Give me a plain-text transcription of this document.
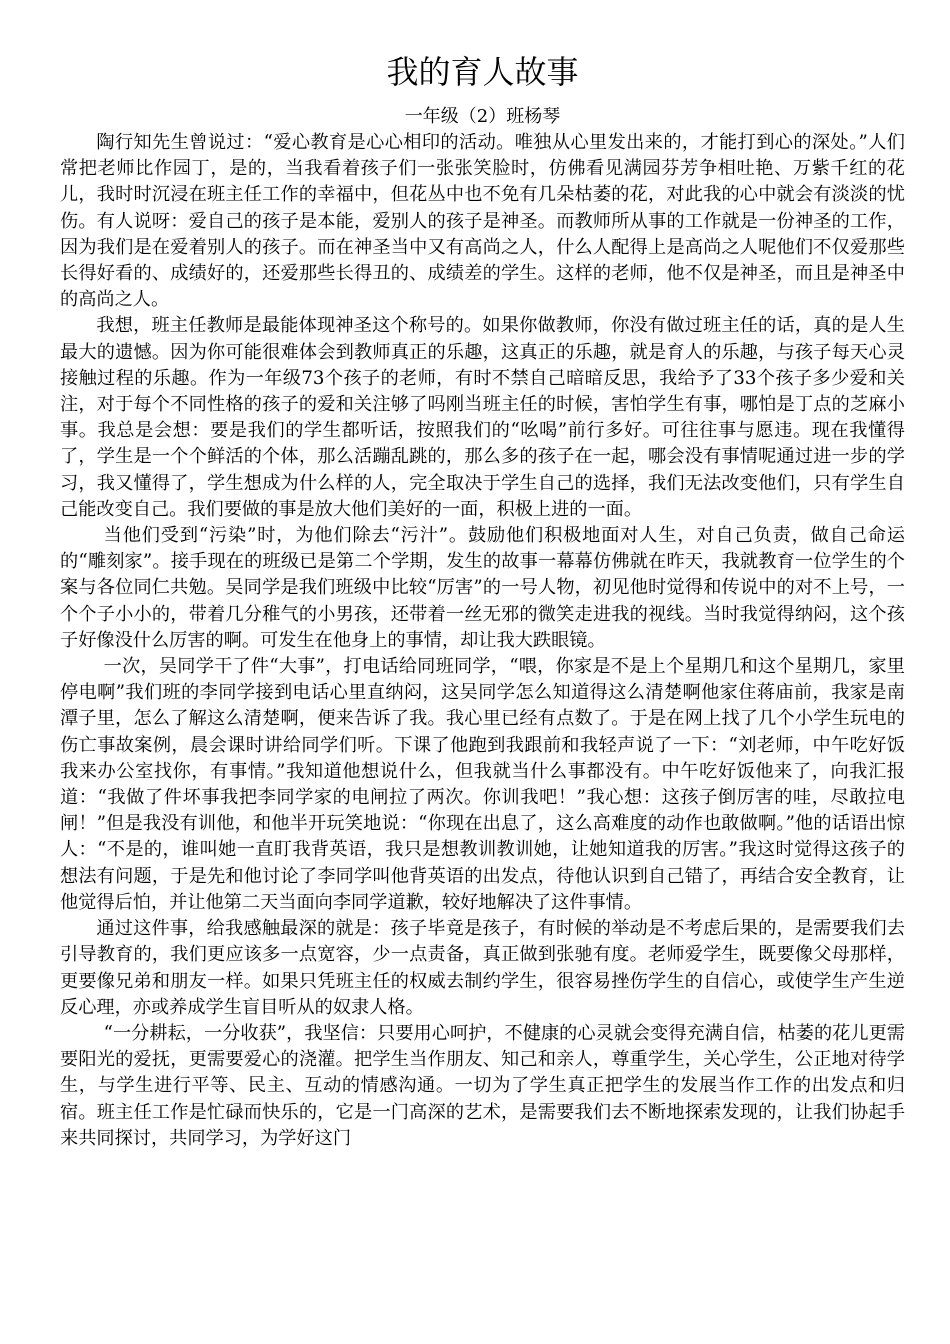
我的育人故事

一年级（2）班杨琴

陶行知先生曾说过：“爱心教育是心心相印的活动。唯独从心里发出来的，才能打到心的深处。”人们常把老师比作园丁，是的，当我看着孩子们一张张笑脸时，仿佛看见满园芬芳争相吐艳、万紫千红的花儿，我时时沉浸在班主任工作的幸福中，但花丛中也不免有几朵枯萎的花，对此我的心中就会有淡淡的忧伤。有人说呀：爱自己的孩子是本能，爱别人的孩子是神圣。而教师所从事的工作就是一份神圣的工作，因为我们是在爱着别人的孩子。而在神圣当中又有高尚之人，什么人配得上是高尚之人呢他们不仅爱那些长得好看的、成绩好的，还爱那些长得丑的、成绩差的学生。这样的老师，他不仅是神圣，而且是神圣中的高尚之人。

我想，班主任教师是最能体现神圣这个称号的。如果你做教师，你没有做过班主任的话，真的是人生最大的遗憾。因为你可能很难体会到教师真正的乐趣，这真正的乐趣，就是育人的乐趣，与孩子每天心灵接触过程的乐趣。作为一年级73个孩子的老师，有时不禁自己暗暗反思，我给予了33个孩子多少爱和关注，对于每个不同性格的孩子的爱和关注够了吗刚当班主任的时候，害怕学生有事，哪怕是丁点的芝麻小事。我总是会想：要是我们的学生都听话，按照我们的“吆喝”前行多好。可往往事与愿违。现在我懂得了，学生是一个个鲜活的个体，那么活蹦乱跳的，那么多的孩子在一起，哪会没有事情呢通过进一步的学习，我又懂得了，学生想成为什么样的人，完全取决于学生自己的选择，我们无法改变他们，只有学生自己能改变自己。我们要做的事是放大他们美好的一面，积极上进的一面。

当他们受到“污染”时，为他们除去“污汁”。鼓励他们积极地面对人生，对自己负责，做自己命运的“雕刻家”。接手现在的班级已是第二个学期，发生的故事一幕幕仿佛就在昨天，我就教育一位学生的个案与各位同仁共勉。吴同学是我们班级中比较“厉害”的一号人物，初见他时觉得和传说中的对不上号，一个个子小小的，带着几分稚气的小男孩，还带着一丝无邪的微笑走进我的视线。当时我觉得纳闷，这个孩子好像没什么厉害的啊。可发生在他身上的事情，却让我大跌眼镜。

一次，吴同学干了件“大事”，打电话给同班同学，“喂，你家是不是上个星期几和这个星期几，家里停电啊”我们班的李同学接到电话心里直纳闷，这吴同学怎么知道得这么清楚啊他家住蒋庙前，我家是南潭子里，怎么了解这么清楚啊，便来告诉了我。我心里已经有点数了。于是在网上找了几个小学生玩电的伤亡事故案例，晨会课时讲给同学们听。下课了他跑到我跟前和我轻声说了一下：“刘老师，中午吃好饭我来办公室找你，有事情。”我知道他想说什么，但我就当什么事都没有。中午吃好饭他来了，向我汇报道：“我做了件坏事我把李同学家的电闸拉了两次。你训我吧！”我心想：这孩子倒厉害的哇，尽敢拉电闸！”但是我没有训他，和他半开玩笑地说：“你现在出息了，这么高难度的动作也敢做啊。”他的话语出惊人：“不是的，谁叫她一直盯我背英语，我只是想教训教训她，让她知道我的厉害。”我这时觉得这孩子的想法有问题，于是先和他讨论了李同学叫他背英语的出发点，待他认识到自己错了，再结合安全教育，让他觉得后怕，并让他第二天当面向李同学道歉，较好地解决了这件事情。

通过这件事，给我感触最深的就是：孩子毕竟是孩子，有时候的举动是不考虑后果的，是需要我们去引导教育的，我们更应该多一点宽容，少一点责备，真正做到张驰有度。老师爱学生，既要像父母那样，更要像兄弟和朋友一样。如果只凭班主任的权威去制约学生，很容易挫伤学生的自信心，或使学生产生逆反心理，亦或养成学生盲目听从的奴隶人格。

“一分耕耘，一分收获”，我坚信：只要用心呵护，不健康的心灵就会变得充满自信，枯萎的花儿更需要阳光的爱抚，更需要爱心的浇灌。把学生当作朋友、知己和亲人，尊重学生，关心学生，公正地对待学生，与学生进行平等、民主、互动的情感沟通。一切为了学生真正把学生的发展当作工作的出发点和归宿。班主任工作是忙碌而快乐的，它是一门高深的艺术，是需要我们去不断地探索发现的，让我们协起手来共同探讨，共同学习，为学好这门
